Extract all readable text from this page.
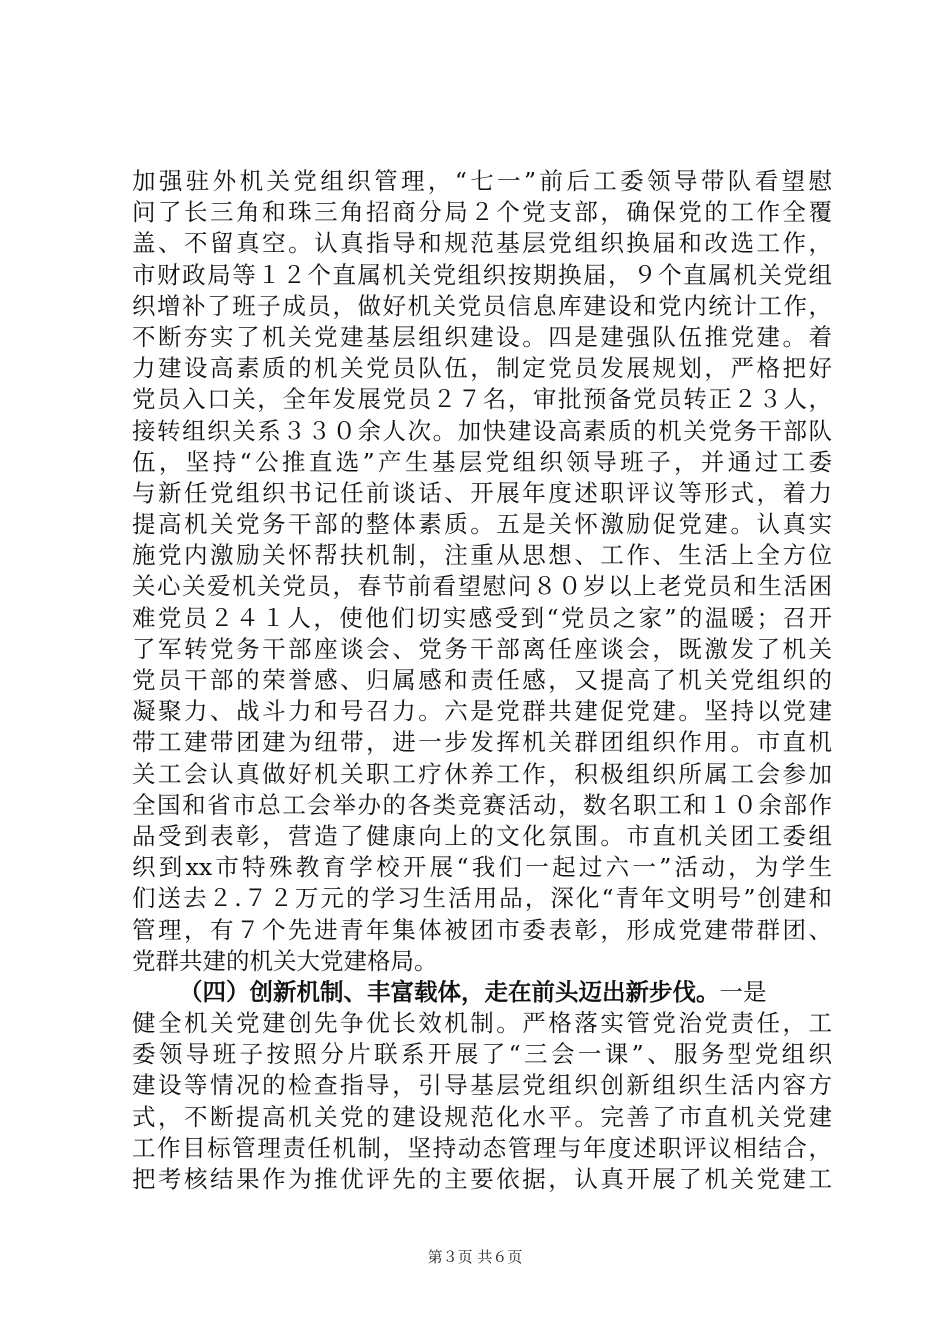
加强驻外机关党组织管理，“七一”前后工委领导带队看望慰
问了长三角和珠三角招商分局２个党支部，确保党的工作全覆
盖、不留真空。认真指导和规范基层党组织换届和改选工作，
市财政局等１２个直属机关党组织按期换届，９个直属机关党组
织增补了班子成员，做好机关党员信息库建设和党内统计工作，
不断夯实了机关党建基层组织建设。四是建强队伍推党建。着
力建设高素质的机关党员队伍，制定党员发展规划，严格把好
党员入口关，全年发展党员２７名，审批预备党员转正２３人，
接转组织关系３３０余人次。加快建设高素质的机关党务干部队
伍，坚持“公推直选”产生基层党组织领导班子，并通过工委
与新任党组织书记任前谈话、开展年度述职评议等形式，着力
提高机关党务干部的整体素质。五是关怀激励促党建。认真实
施党内激励关怀帮扶机制，注重从思想、工作、生活上全方位
关心关爱机关党员，春节前看望慰问８０岁以上老党员和生活困
难党员２４１人，使他们切实感受到“党员之家”的温暖；召开
了军转党务干部座谈会、党务干部离任座谈会，既激发了机关
党员干部的荣誉感、归属感和责任感，又提高了机关党组织的
凝聚力、战斗力和号召力。六是党群共建促党建。坚持以党建
带工建带团建为纽带，进一步发挥机关群团组织作用。市直机
关工会认真做好机关职工疗休养工作，积极组织所属工会参加
全国和省市总工会举办的各类竞赛活动，数名职工和１０余部作
品受到表彰，营造了健康向上的文化氛围。市直机关团工委组
织到xx市特殊教育学校开展“我们一起过六一”活动，为学生
们送去２.７２万元的学习生活用品，深化“青年文明号”创建和
管理，有７个先进青年集体被团市委表彰，形成党建带群团、
党群共建的机关大党建格局。
（四）创新机制、丰富载体，走在前头迈出新步伐。一是
健全机关党建创先争优长效机制。严格落实管党治党责任，工
委领导班子按照分片联系开展了“三会一课”、服务型党组织
建设等情况的检查指导，引导基层党组织创新组织生活内容方
式，不断提高机关党的建设规范化水平。完善了市直机关党建
工作目标管理责任机制，坚持动态管理与年度述职评议相结合，
把考核结果作为推优评先的主要依据，认真开展了机关党建工
第３页 共６页
